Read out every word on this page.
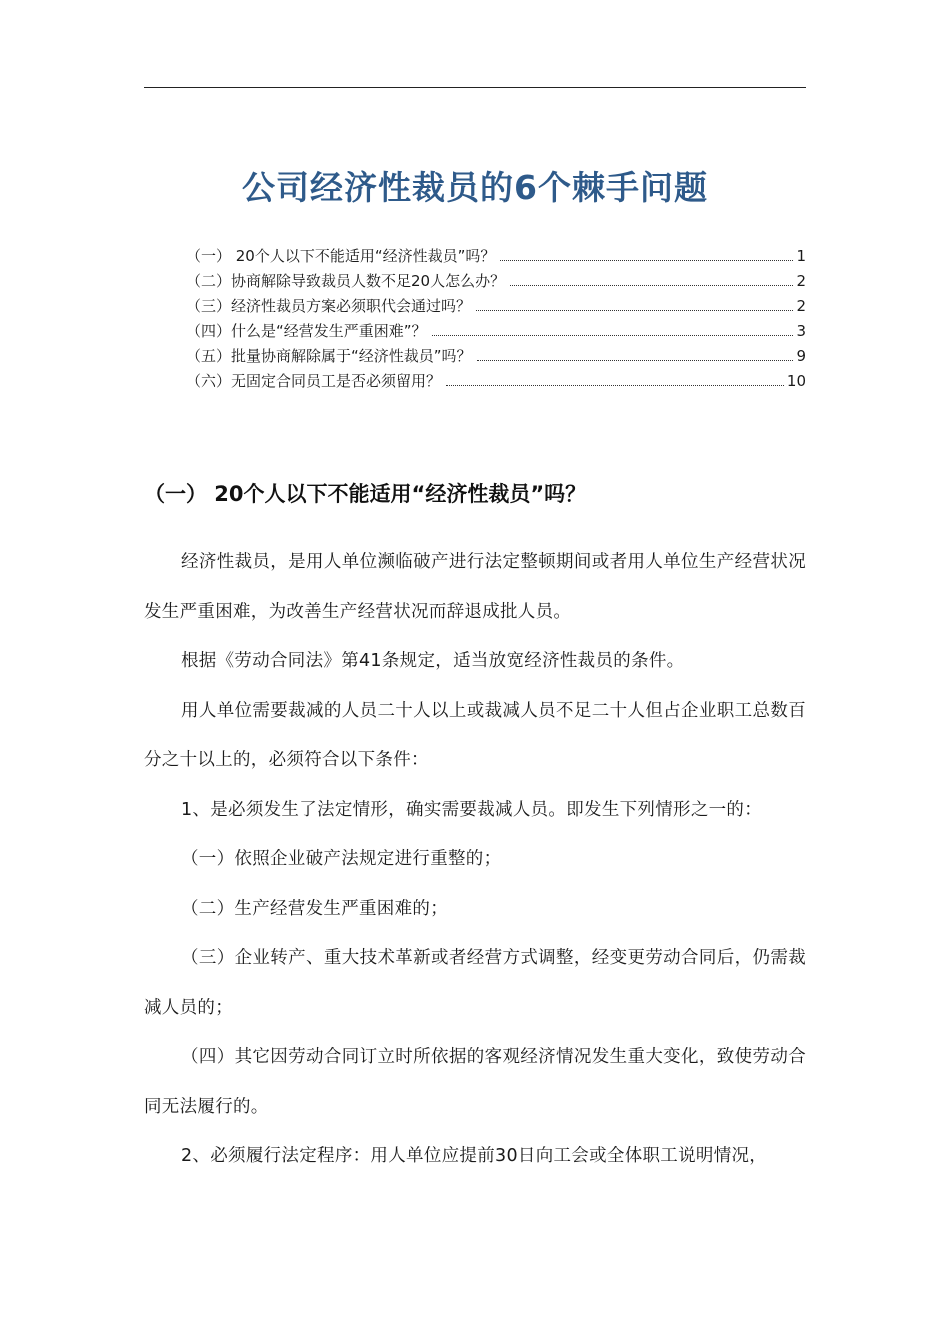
公司经济性裁员的6个棘手问题
（一） 20个人以下不能适用“经济性裁员”吗？	1
（二）协商解除导致裁员人数不足20人怎么办？	2
（三）经济性裁员方案必须职代会通过吗？	2
（四）什么是“经营发生严重困难”？	3
（五）批量协商解除属于“经济性裁员”吗？	9
（六）无固定合同员工是否必须留用？	10
（一） 20个人以下不能适用“经济性裁员”吗？

经济性裁员，是用人单位濒临破产进行法定整顿期间或者用人单位生产经营状况发生严重困难，为改善生产经营状况而辞退成批人员。

根据《劳动合同法》第41条规定，适当放宽经济性裁员的条件。

用人单位需要裁减的人员二十人以上或裁减人员不足二十人但占企业职工总数百分之十以上的，必须符合以下条件：

1、是必须发生了法定情形，确实需要裁减人员。即发生下列情形之一的：

（一）依照企业破产法规定进行重整的；

（二）生产经营发生严重困难的；

（三）企业转产、重大技术革新或者经营方式调整，经变更劳动合同后，仍需裁减人员的；

（四）其它因劳动合同订立时所依据的客观经济情况发生重大变化，致使劳动合同无法履行的。

2、必须履行法定程序：用人单位应提前30日向工会或全体职工说明情况，
